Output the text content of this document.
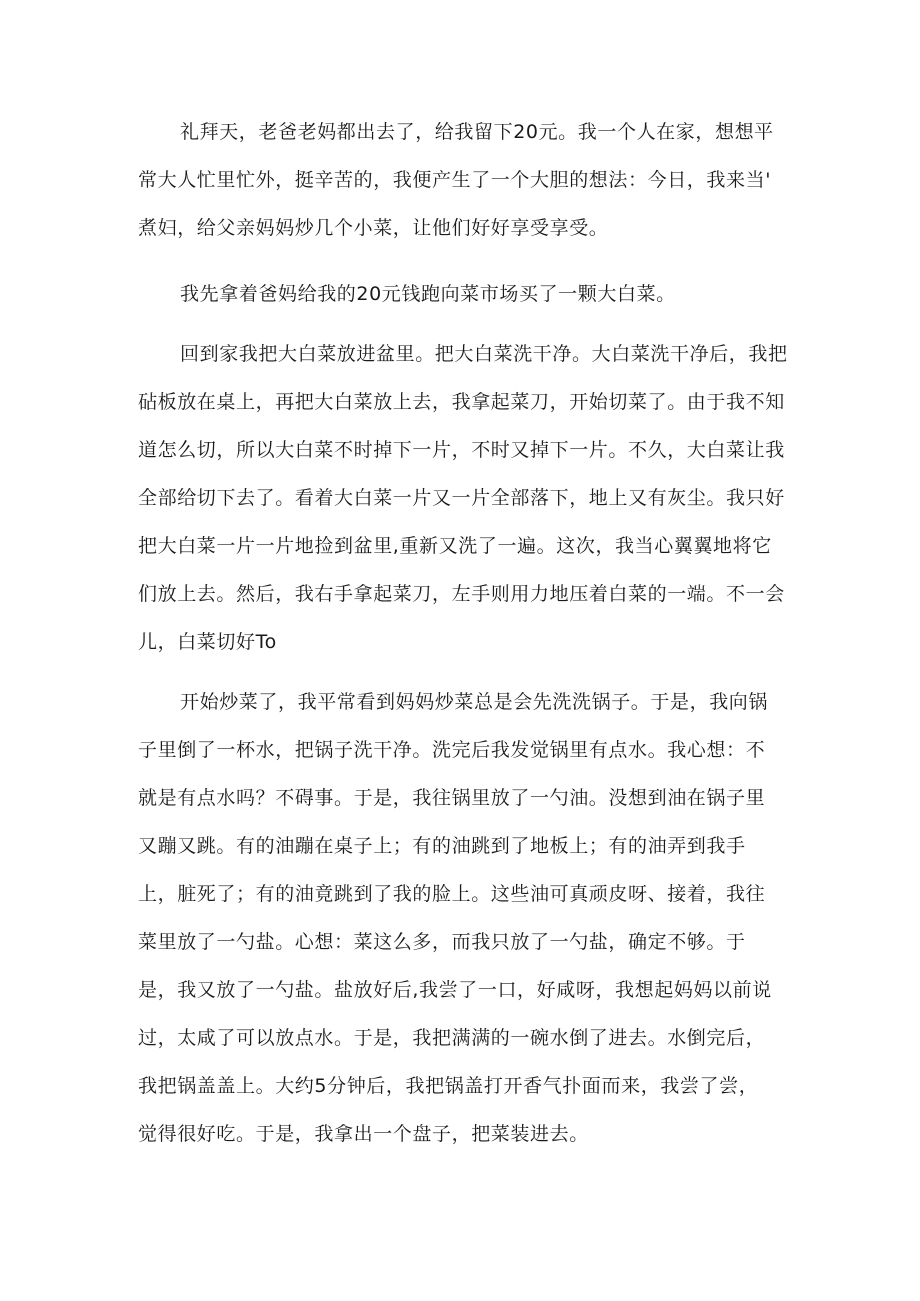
礼拜天，老爸老妈都出去了，给我留下20元。我一个人在家，想想平
常大人忙里忙外，挺辛苦的，我便产生了一个大胆的想法：今日，我来当'
煮妇，给父亲妈妈炒几个小菜，让他们好好享受享受。
我先拿着爸妈给我的20元钱跑向菜市场买了一颗大白菜。
回到家我把大白菜放进盆里。把大白菜洗干净。大白菜洗干净后，我把
砧板放在桌上，再把大白菜放上去，我拿起菜刀，开始切菜了。由于我不知
道怎么切，所以大白菜不时掉下一片，不时又掉下一片。不久，大白菜让我
全部给切下去了。看着大白菜一片又一片全部落下，地上又有灰尘。我只好
把大白菜一片一片地捡到盆里,重新又洗了一遍。这次，我当心翼翼地将它
们放上去。然后，我右手拿起菜刀，左手则用力地压着白菜的一端。不一会
儿，白菜切好To
开始炒菜了，我平常看到妈妈炒菜总是会先洗洗锅子。于是，我向锅
子里倒了一杯水，把锅子洗干净。洗完后我发觉锅里有点水。我心想：不
就是有点水吗？不碍事。于是，我往锅里放了一勺油。没想到油在锅子里
又蹦又跳。有的油蹦在桌子上；有的油跳到了地板上；有的油弄到我手
上，脏死了；有的油竟跳到了我的脸上。这些油可真顽皮呀、接着，我往
菜里放了一勺盐。心想：菜这么多，而我只放了一勺盐，确定不够。于
是，我又放了一勺盐。盐放好后,我尝了一口，好咸呀，我想起妈妈以前说
过，太咸了可以放点水。于是，我把满满的一碗水倒了进去。水倒完后，
我把锅盖盖上。大约5分钟后，我把锅盖打开香气扑面而来，我尝了尝，
觉得很好吃。于是，我拿出一个盘子，把菜装进去。
